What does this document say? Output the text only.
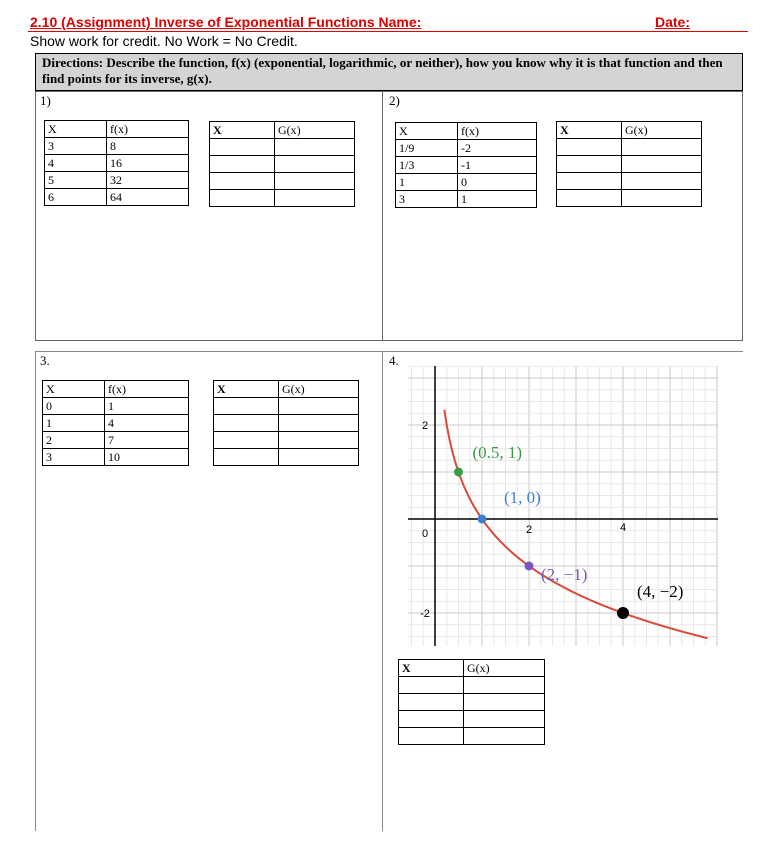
2.10 (Assignment) Inverse of Exponential Functions Name:	Date:
Show work for credit. No Work = No Credit.
Directions: Describe the function, f(x) (exponential, logarithmic, or neither), how you know why it is that function and then find points for its inverse, g(x).
1)	2)
X	f(x)
3	8
4	16
5	32
6	64
X	G(x)

		X	f(x)
1/9	-2
1/3	-1
1	0
3	1
X	G(x)

3.	4.
X	f(x)
0	1
1	4
2	7
3	10
X	G(x)

2
0
-2
2	4
(0.5, 1)
(1, 0)
(2, −1)
(4, −2)
X	G(x)
